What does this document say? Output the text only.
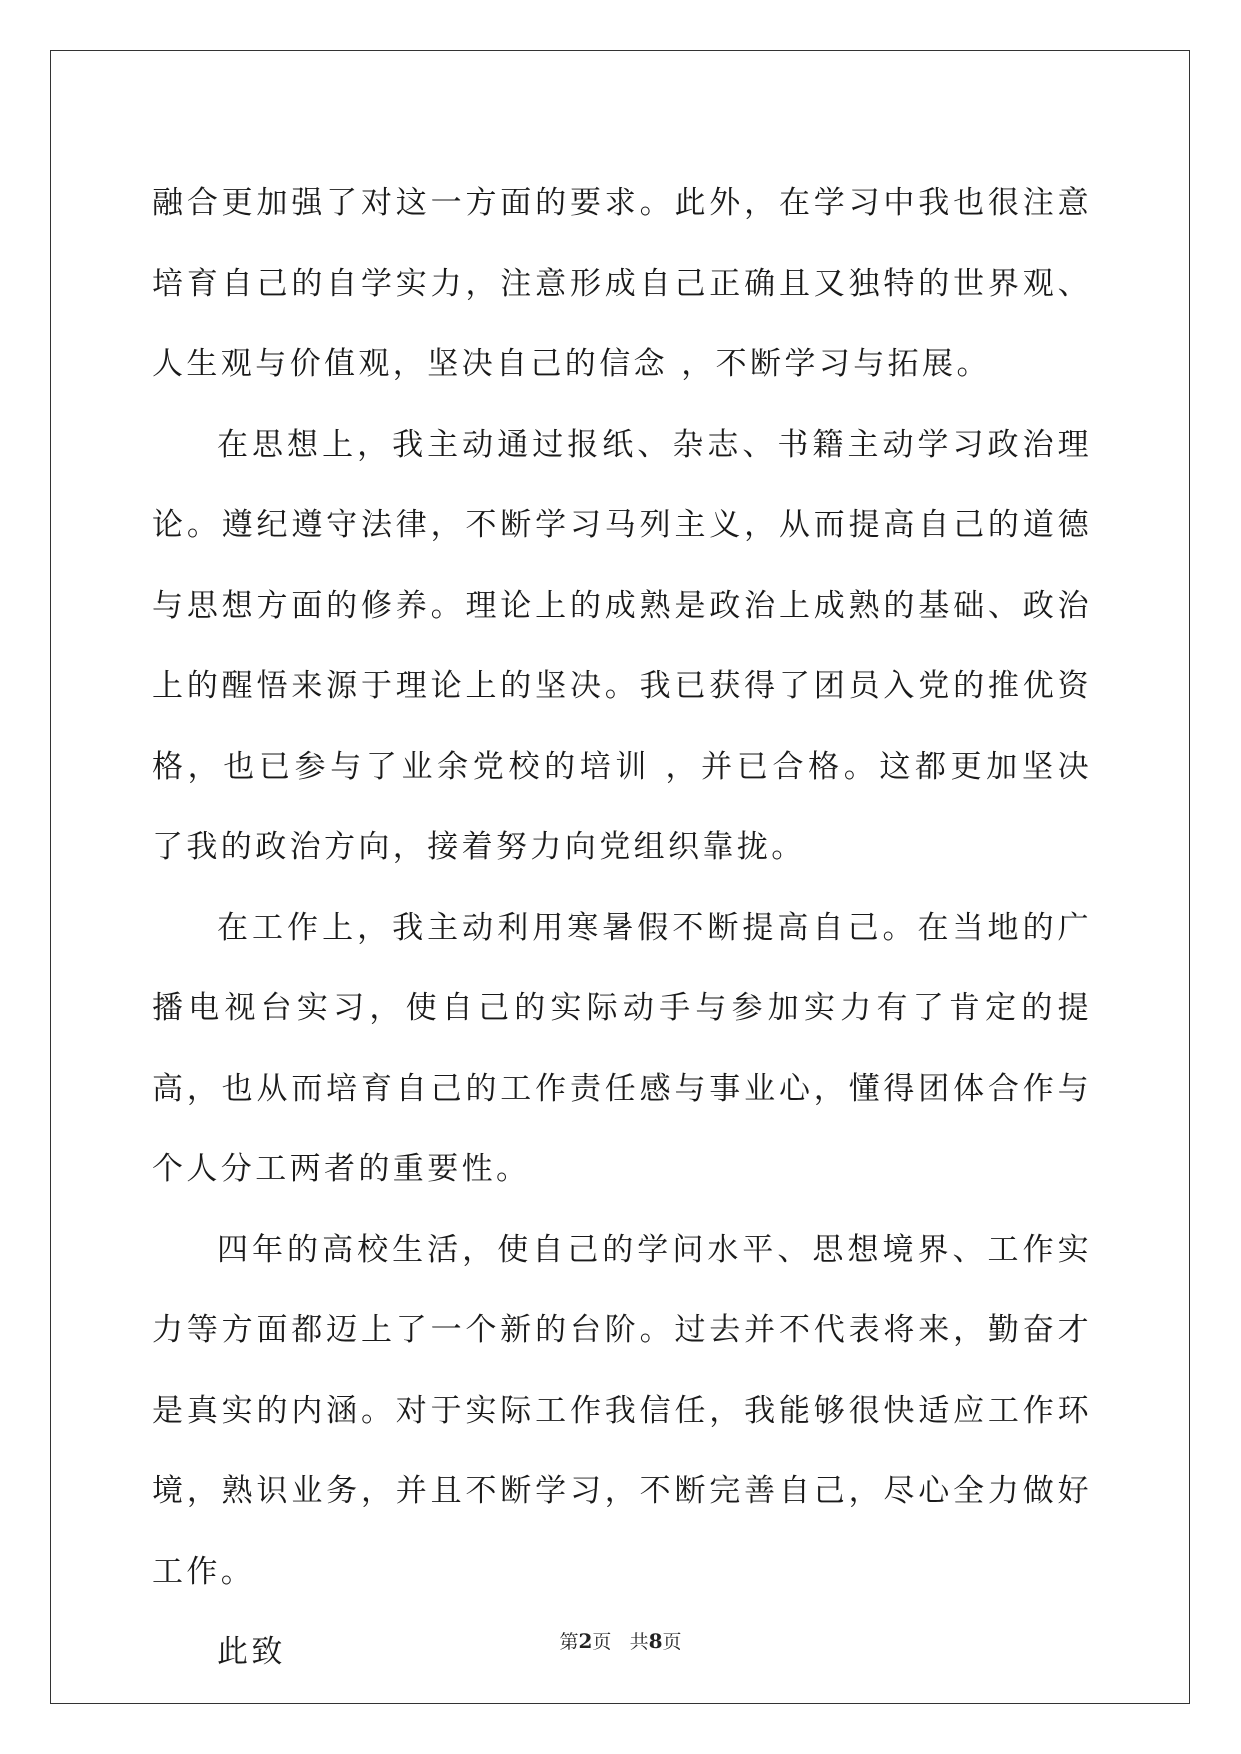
融合更加强了对这一方面的要求。此外，在学习中我也很注意培育自己的自学实力，注意形成自己正确且又独特的世界观、人生观与价值观，坚决自己的信念 ，不断学习与拓展。

在思想上，我主动通过报纸、杂志、书籍主动学习政治理论。遵纪遵守法律，不断学习马列主义，从而提高自己的道德与思想方面的修养。理论上的成熟是政治上成熟的基础、政治上的醒悟来源于理论上的坚决。我已获得了团员入党的推优资格，也已参与了业余党校的培训 ，并已合格。这都更加坚决了我的政治方向，接着努力向党组织靠拢。

在工作上，我主动利用寒暑假不断提高自己。在当地的广播电视台实习，使自己的实际动手与参加实力有了肯定的提高，也从而培育自己的工作责任感与事业心，懂得团体合作与个人分工两者的重要性。

四年的高校生活，使自己的学问水平、思想境界、工作实力等方面都迈上了一个新的台阶。过去并不代表将来，勤奋才是真实的内涵。对于实际工作我信任，我能够很快适应工作环境，熟识业务，并且不断学习，不断完善自己，尽心全力做好工作。

此致	第2页 共8页
